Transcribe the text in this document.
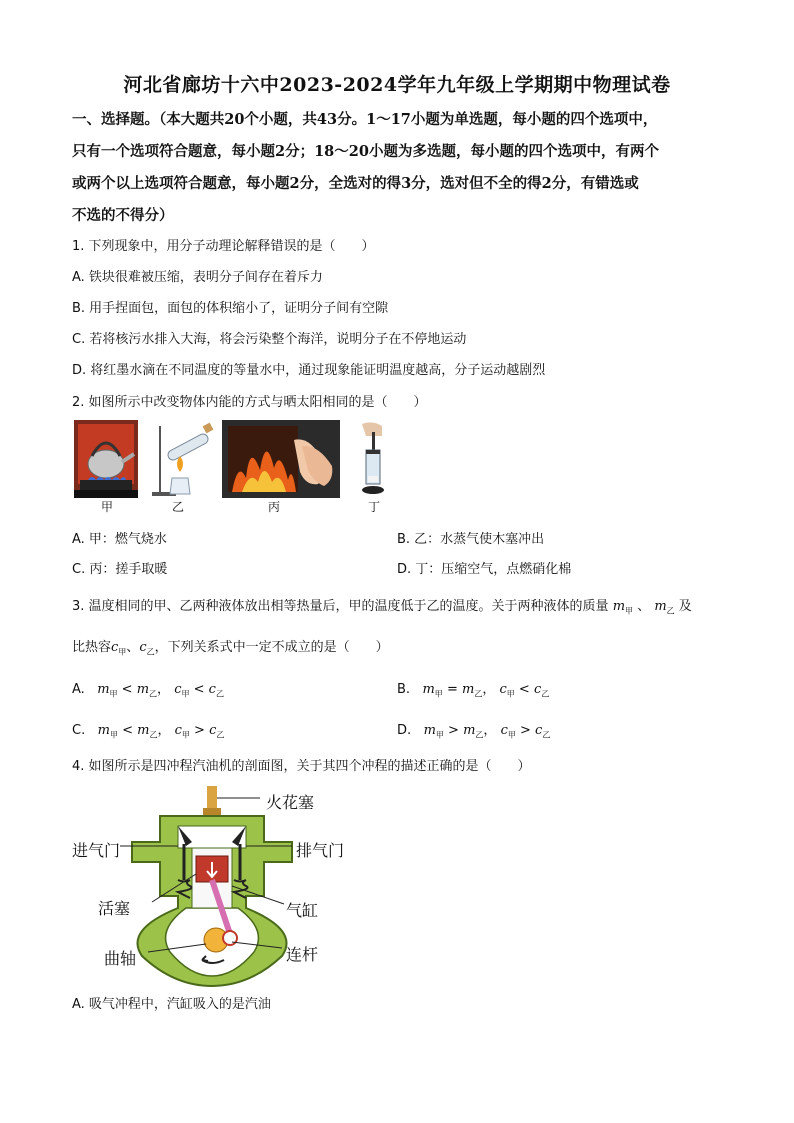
河北省廊坊十六中2023-2024学年九年级上学期期中物理试卷
一、选择题。（本大题共20个小题，共43分。1～17小题为单选题，每小题的四个选项中，
只有一个选项符合题意，每小题2分；18～20小题为多选题，每小题的四个选项中，有两个
或两个以上选项符合题意，每小题2分，全选对的得3分，选对但不全的得2分，有错选或
不选的不得分）
1. 下列现象中，用分子动理论解释错误的是（　　）
A. 铁块很难被压缩，表明分子间存在着斥力
B. 用手捏面包，面包的体积缩小了，证明分子间有空隙
C. 若将核污水排入大海，将会污染整个海洋，说明分子在不停地运动
D. 将红墨水滴在不同温度的等量水中，通过现象能证明温度越高，分子运动越剧烈
2. 如图所示中改变物体内能的方式与晒太阳相同的是（　　）
甲	乙	丙	丁
A. 甲：燃气烧水	B. 乙：水蒸气使木塞冲出
C. 丙：搓手取暖	D. 丁：压缩空气，点燃硝化棉
3. 温度相同的甲、乙两种液体放出相等热量后，甲的温度低于乙的温度。关于两种液体的质量 $m_甲$ 、 $m_乙$ 及
比热容$c_甲$、$c_乙$，下列关系式中一定不成立的是（　　）
A. $m_甲 < m_乙$， $c_甲 < c_乙$	B. $m_甲 = m_乙$， $c_甲 < c_乙$
C. $m_甲 < m_乙$， $c_甲 > c_乙$	D. $m_甲 > m_乙$， $c_甲 > c_乙$
4. 如图所示是四冲程汽油机的剖面图，关于其四个冲程的描述正确的是（　　）
火花塞
进气门	排气门
活塞	气缸
曲轴	连杆
A. 吸气冲程中，汽缸吸入的是汽油
